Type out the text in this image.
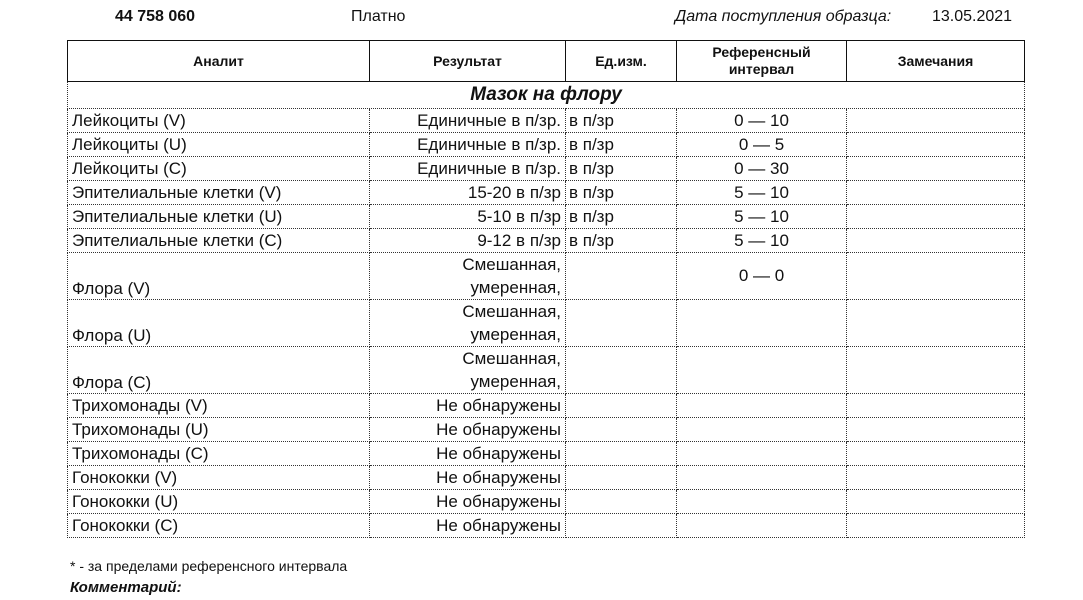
44 758 060	Платно	Дата поступления образца:	13.05.2021
Аналит	Результат	Ед.изм.	Референсный интервал	Замечания
Мазок на флору				
Лейкоциты (V)	Единичные в п/зр.	в п/зр	0 — 10	
Лейкоциты (U)	Единичные в п/зр.	в п/зр	0 — 5	
Лейкоциты (C)	Единичные в п/зр.	в п/зр	0 — 30	
Эпителиальные клетки (V)	15-20 в п/зр	в п/зр	5 — 10	
Эпителиальные клетки (U)	5-10 в п/зр	в п/зр	5 — 10	
Эпителиальные клетки (C)	9-12 в п/зр	в п/зр	5 — 10	
Флора (V)	Смешанная, умеренная,		0 — 0	
Флора (U)	Смешанная, умеренная,			
Флора (C)	Смешанная, умеренная,			
Трихомонады (V)	Не обнаружены			
Трихомонады (U)	Не обнаружены			
Трихомонады (C)	Не обнаружены			
Гонококки (V)	Не обнаружены			
Гонококки (U)	Не обнаружены			
Гонококки (C)	Не обнаружены			
* - за пределами референсного интервала
Комментарий:
